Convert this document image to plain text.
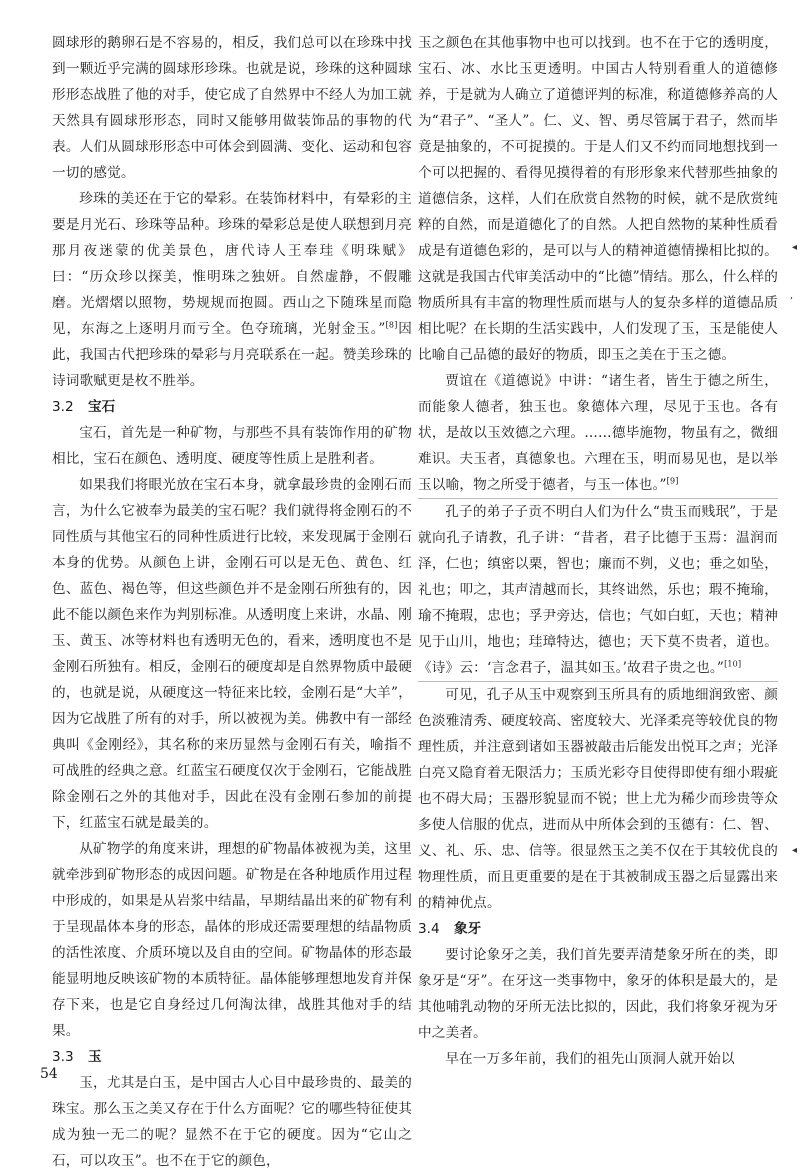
圆球形的鹅卵石是不容易的，相反，我们总可以在珍珠中找到一颗近乎完满的圆球形珍珠。也就是说，珍珠的这种圆球形形态战胜了他的对手，使它成了自然界中不经人为加工就天然具有圆球形形态，同时又能够用做装饰品的事物的代表。人们从圆球形形态中可体会到圆满、变化、运动和包容一切的感觉。

珍珠的美还在于它的晕彩。在装饰材料中，有晕彩的主要是月光石、珍珠等品种。珍珠的晕彩总是使人联想到月亮那月夜迷蒙的优美景色，唐代诗人王奉珪《明珠赋》曰：“历众珍以探美，惟明珠之独妍。自然虚静，不假雕磨。光熠熠以照物，势规规而抱圆。西山之下随珠星而隐见，东海之上逐明月而亏全。色夺琉璃，光射金玉。”[8]因此，我国古代把珍珠的晕彩与月亮联系在一起。赞美珍珠的诗词歌赋更是枚不胜举。

3.2 宝石

宝石，首先是一种矿物，与那些不具有装饰作用的矿物相比，宝石在颜色、透明度、硬度等性质上是胜利者。

如果我们将眼光放在宝石本身，就拿最珍贵的金刚石而言，为什么它被奉为最美的宝石呢？我们就得将金刚石的不同性质与其他宝石的同种性质进行比较，来发现属于金刚石本身的优势。从颜色上讲，金刚石可以是无色、黄色、红色、蓝色、褐色等，但这些颜色并不是金刚石所独有的，因此不能以颜色来作为判别标准。从透明度上来讲，水晶、刚玉、黄玉、冰等材料也有透明无色的，看来，透明度也不是金刚石所独有。相反，金刚石的硬度却是自然界物质中最硬的，也就是说，从硬度这一特征来比较，金刚石是“大羊”，因为它战胜了所有的对手，所以被视为美。佛教中有一部经典叫《金刚经》，其名称的来历显然与金刚石有关，喻指不可战胜的经典之意。红蓝宝石硬度仅次于金刚石，它能战胜除金刚石之外的其他对手，因此在没有金刚石参加的前提下，红蓝宝石就是最美的。

从矿物学的角度来讲，理想的矿物晶体被视为美，这里就牵涉到矿物形态的成因问题。矿物是在各种地质作用过程中形成的，如果是从岩浆中结晶，早期结晶出来的矿物有利于呈现晶体本身的形态，晶体的形成还需要理想的结晶物质的活性浓度、介质环境以及自由的空间。矿物晶体的形态最能显明地反映该矿物的本质特征。晶体能够理想地发育并保存下来，也是它自身经过几何淘汰律，战胜其他对手的结果。

3.3 玉

玉，尤其是白玉，是中国古人心目中最珍贵的、最美的珠宝。那么玉之美又存在于什么方面呢？它的哪些特征使其成为独一无二的呢？显然不在于它的硬度。因为“它山之石，可以攻玉”。也不在于它的颜色，

玉之颜色在其他事物中也可以找到。也不在于它的透明度，宝石、冰、水比玉更透明。中国古人特别看重人的道德修养，于是就为人确立了道德评判的标准，称道德修养高的人为“君子”、“圣人”。仁、义、智、勇尽管属于君子，然而毕竟是抽象的，不可捉摸的。于是人们又不约而同地想找到一个可以把握的、看得见摸得着的有形形象来代替那些抽象的道德信条，这样，人们在欣赏自然物的时候，就不是欣赏纯粹的自然，而是道德化了的自然。人把自然物的某种性质看成是有道德色彩的，是可以与人的精神道德情操相比拟的。这就是我国古代审美活动中的“比德”情结。那么，什么样的物质所具有丰富的物理性质而堪与人的复杂多样的道德品质相比呢？在长期的生活实践中，人们发现了玉，玉是能使人比喻自己品德的最好的物质，即玉之美在于玉之德。

贾谊在《道德说》中讲：“诸生者，皆生于德之所生，而能象人德者，独玉也。象德体六理，尽见于玉也。各有状，是故以玉效德之六理。……德毕施物，物虽有之，微细难识。夫玉者，真德象也。六理在玉，明而易见也，是以举玉以喻，物之所受于德者，与玉一体也。”[9]

孔子的弟子子贡不明白人们为什么“贵玉而贱珉”，于是就向孔子请教，孔子讲：“昔者，君子比德于玉焉：温润而泽，仁也；缜密以栗，智也；廉而不刿，义也；垂之如坠，礼也；叩之，其声清越而长，其终诎然，乐也；瑕不掩瑜，瑜不掩瑕，忠也；孚尹旁达，信也；气如白虹，天也；精神见于山川，地也；珪璋特达，德也；天下莫不贵者，道也。《诗》云：‘言念君子，温其如玉。’故君子贵之也。”[10]

可见，孔子从玉中观察到玉所具有的质地细润致密、颜色淡雅清秀、硬度较高、密度较大、光泽柔亮等较优良的物理性质，并注意到诸如玉器被敲击后能发出悦耳之声；光泽白亮又隐育着无限活力；玉质光彩夺目使得即使有细小瑕疵也不碍大局；玉器形貌显而不锐；世上尤为稀少而珍贵等众多使人信服的优点，进而从中所体会到的玉德有：仁、智、义、礼、乐、忠、信等。很显然玉之美不仅在于其较优良的物理性质，而且更重要的是在于其被制成玉器之后显露出来的精神优点。

3.4 象牙

要讨论象牙之美，我们首先要弄清楚象牙所在的类，即象牙是“牙”。在牙这一类事物中，象牙的体积是最大的，是其他哺乳动物的牙所无法比拟的，因此，我们将象牙视为牙中之美者。

早在一万多年前，我们的祖先山顶洞人就开始以

54
◂
,
◂
